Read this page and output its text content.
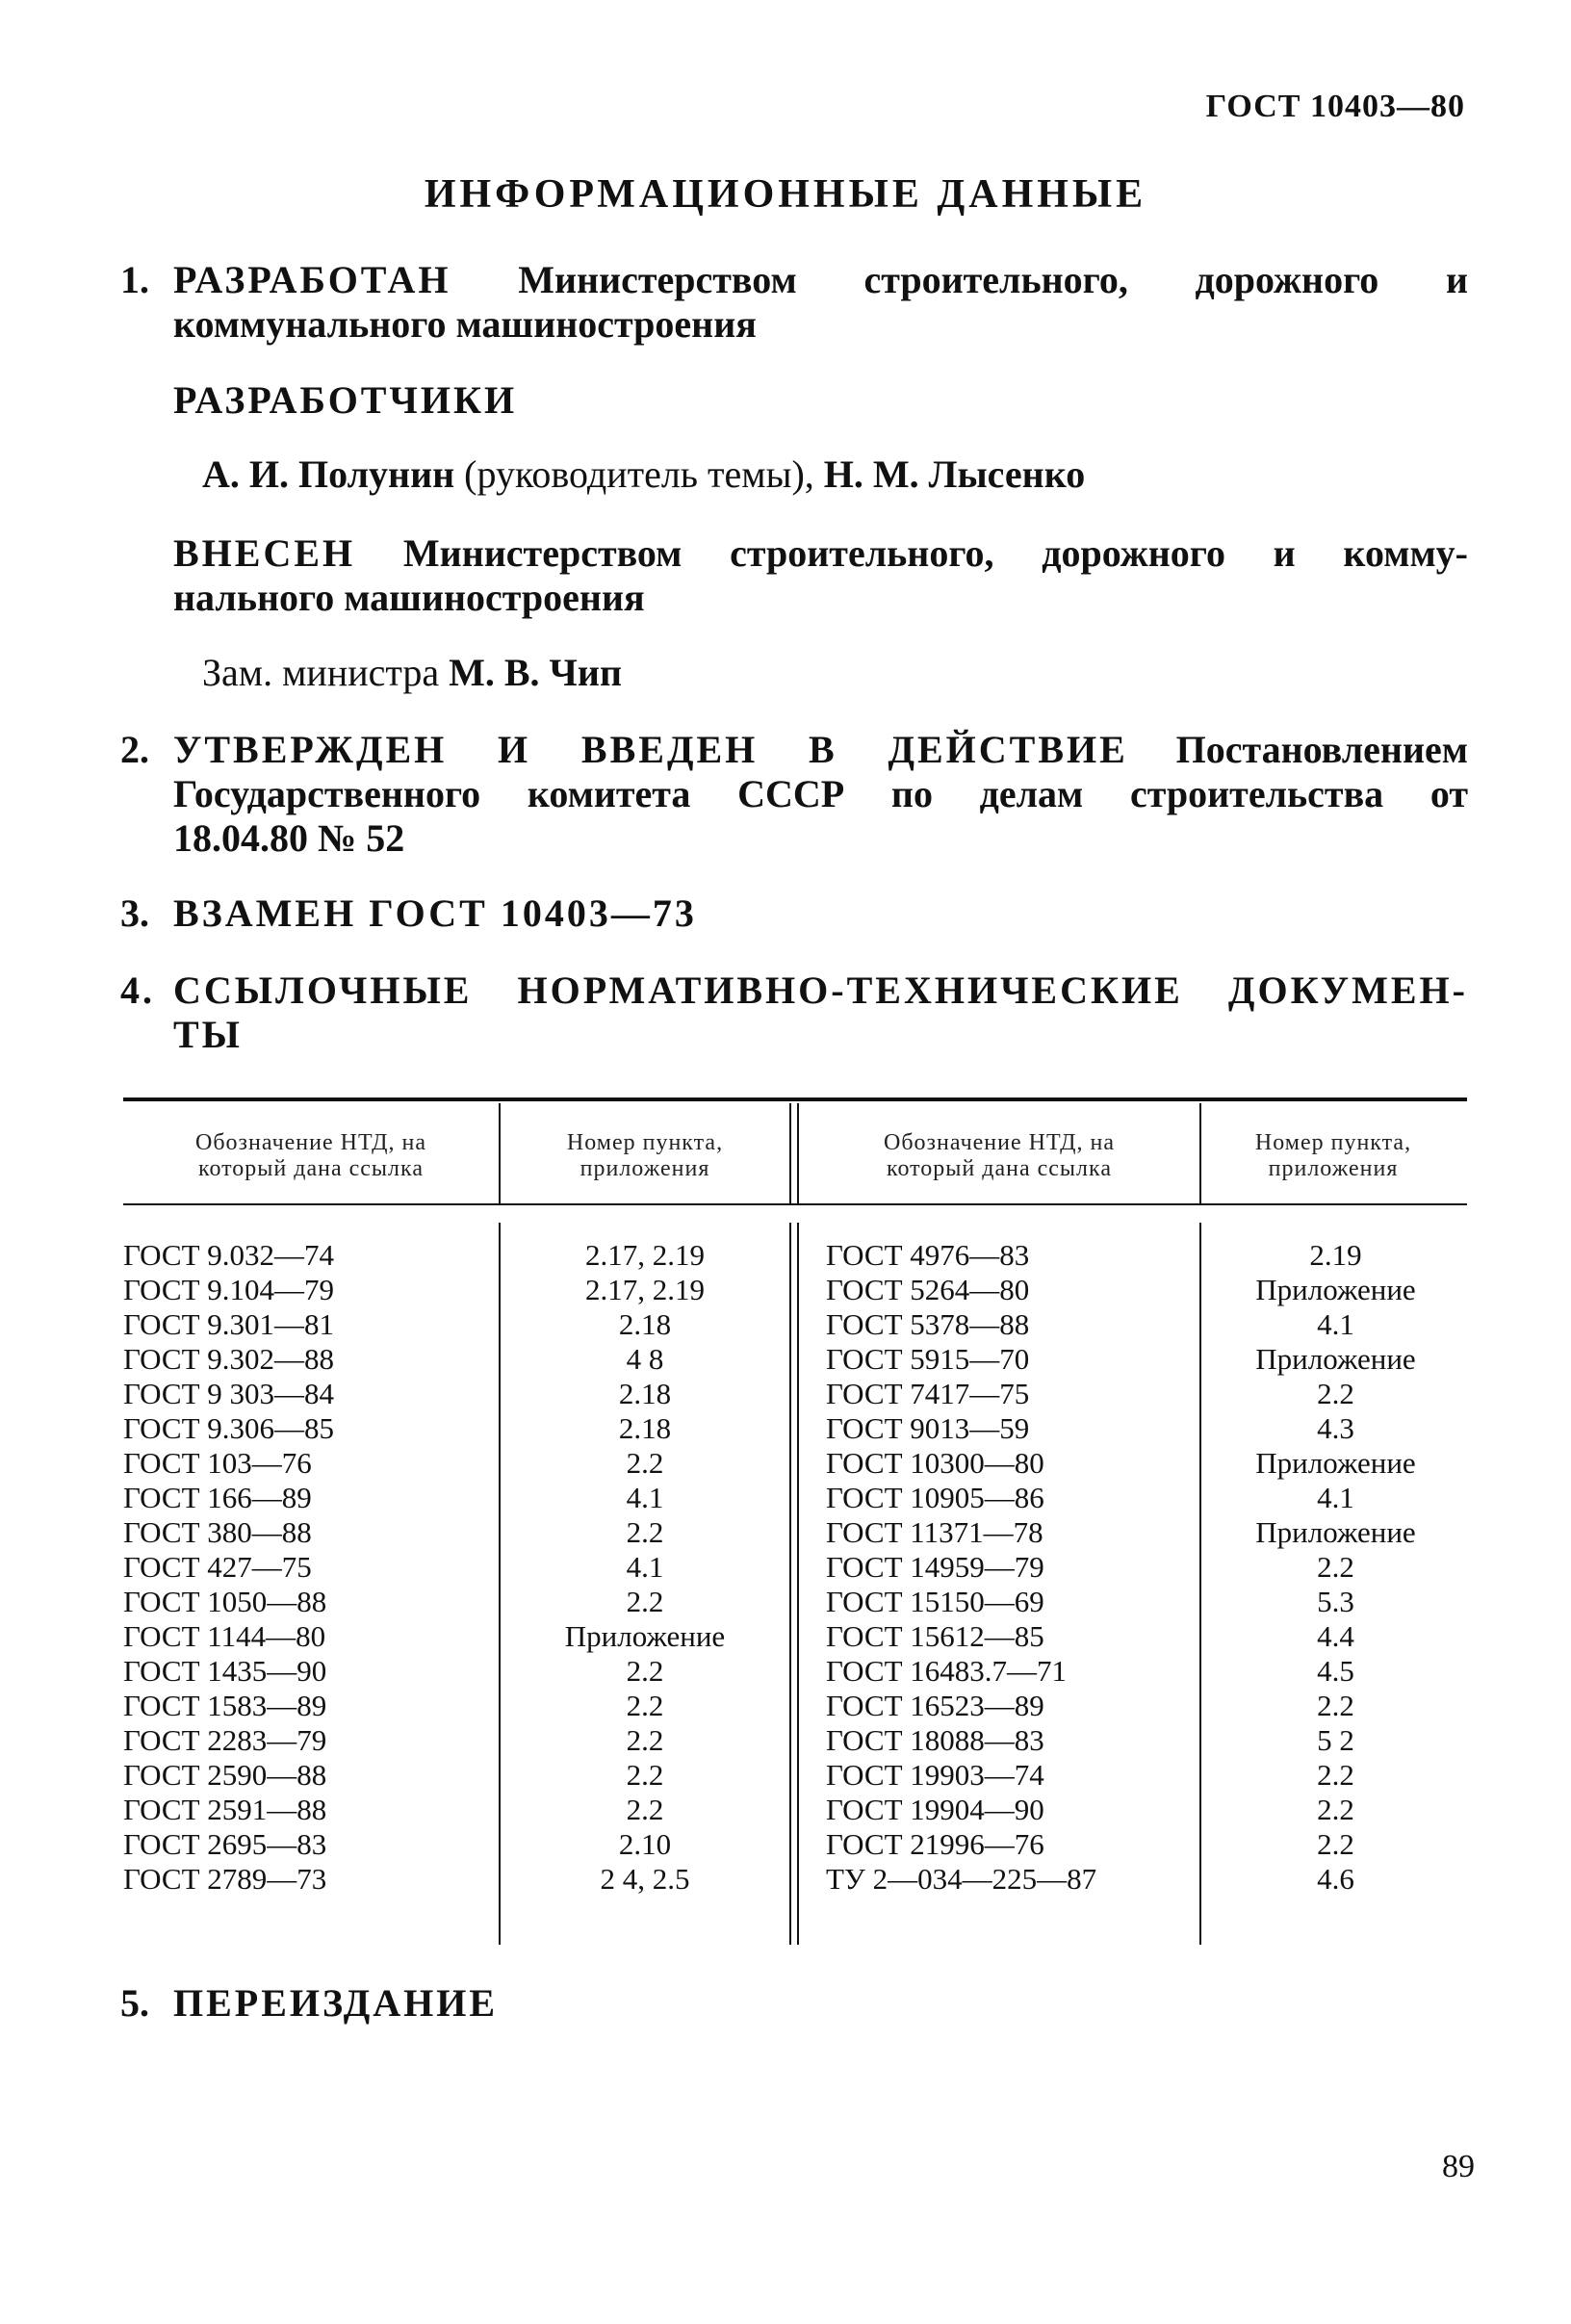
ГОСТ 10403—80
ИНФОРМАЦИОННЫЕ ДАННЫЕ
1. РАЗРАБОТАН Министерством строительного, дорожного и
коммунального машиностроения
РАЗРАБОТЧИКИ
А. И. Полунин (руководитель темы), Н. М. Лысенко
ВНЕСЕН Министерством строительного, дорожного и комму-
нального машиностроения
Зам. министра М. В. Чип
2. УТВЕРЖДЕН И ВВЕДЕН В ДЕЙСТВИЕ Постановлением
Государственного комитета СССР по делам строительства от
18.04.80 № 52
3. ВЗАМЕН ГОСТ 10403—73
4. ССЫЛОЧНЫЕ НОРМАТИВНО-ТЕХНИЧЕСКИЕ ДОКУМЕН-
ТЫ
Обозначение НТД, на
который дана ссылка
Номер пункта,
приложения
Обозначение НТД, на
который дана ссылка
Номер пункта,
приложения
ГОСТ 9.032—74
ГОСТ 9.104—79
ГОСТ 9.301—81
ГОСТ 9.302—88
ГОСТ 9 303—84
ГОСТ 9.306—85
ГОСТ 103—76
ГОСТ 166—89
ГОСТ 380—88
ГОСТ 427—75
ГОСТ 1050—88
ГОСТ 1144—80
ГОСТ 1435—90
ГОСТ 1583—89
ГОСТ 2283—79
ГОСТ 2590—88
ГОСТ 2591—88
ГОСТ 2695—83
ГОСТ 2789—73
2.17, 2.19
2.17, 2.19
2.18
4 8
2.18
2.18
2.2
4.1
2.2
4.1
2.2
Приложение
2.2
2.2
2.2
2.2
2.2
2.10
2 4, 2.5
ГОСТ 4976—83
ГОСТ 5264—80
ГОСТ 5378—88
ГОСТ 5915—70
ГОСТ 7417—75
ГОСТ 9013—59
ГОСТ 10300—80
ГОСТ 10905—86
ГОСТ 11371—78
ГОСТ 14959—79
ГОСТ 15150—69
ГОСТ 15612—85
ГОСТ 16483.7—71
ГОСТ 16523—89
ГОСТ 18088—83
ГОСТ 19903—74
ГОСТ 19904—90
ГОСТ 21996—76
ТУ 2—034—225—87
2.19
Приложение
4.1
Приложение
2.2
4.3
Приложение
4.1
Приложение
2.2
5.3
4.4
4.5
2.2
5 2
2.2
2.2
2.2
4.6
5. ПЕРЕИЗДАНИЕ
89
